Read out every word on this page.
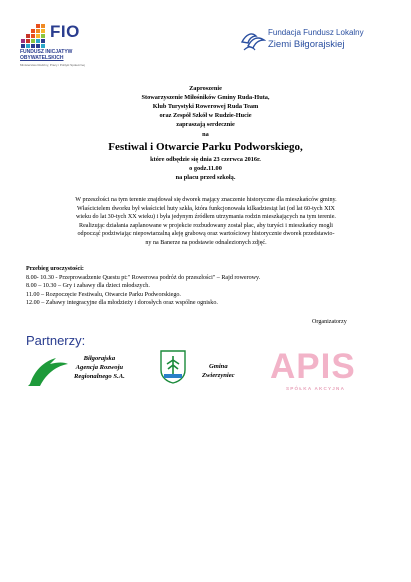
FIO
FUNDUSZ INICJATYW
OBYWATELSKICH
Ministerstwo Rodziny, Pracy i Polityki Społecznej
Fundacja Fundusz Lokalny
Ziemi Biłgorajskiej
Zaproszenie
Stowarzyszenie Miłośników Gminy Ruda-Huta,
Klub Turystyki Rowerowej Ruda Team
oraz Zespół Szkół w Rudzie-Hucie
zapraszają serdecznie
na
Festiwal i Otwarcie Parku Podworskiego,
które odbędzie się dnia 23 czerwca 2016r.
o godz.11.00
na placu przed szkołą.
W przeszłości na tym terenie znajdował się dworek mający znaczenie historyczne dla mieszkańców gminy.
Właścicielem dworku był właściciel huty szkła, która funkcjonowała kilkadziesiąt lat (od lat 60-tych XIX
wieku do lat 30-tych XX wieku) i była jedynym źródłem utrzymania rodzin mieszkających na tym terenie.
Realizując działania zaplanowane w projekcie rozbudowany został plac, aby turyści i mieszkańcy mogli
odpocząć podziwiając niepowtarzalną aleję grabową oraz wartościowy historycznie dworek przedstawio-
ny na Banerze na podstawie odnalezionych zdjęć.
Przebieg uroczystości:
8.00- 10.30 - Przeprowadzenie Questu pt:" Rowerowa podróż do przeszłości" – Rajd rowerowy.
8.00 – 10.30 – Gry i zabawy dla dzieci młodszych.
11.00 – Rozpoczęcie Festiwalu, Otwarcie Parku Podworskiego.
12.00 – Zabawy integracyjne dla młodzieży i dorosłych oraz wspólne ognisko.
Organizatorzy
Partnerzy:
Biłgorajska
Agencja Rozwoju
Regionalnego S.A.
Gmina
Zwierzyniec APIS
SPÓŁKA AKCYJNA
